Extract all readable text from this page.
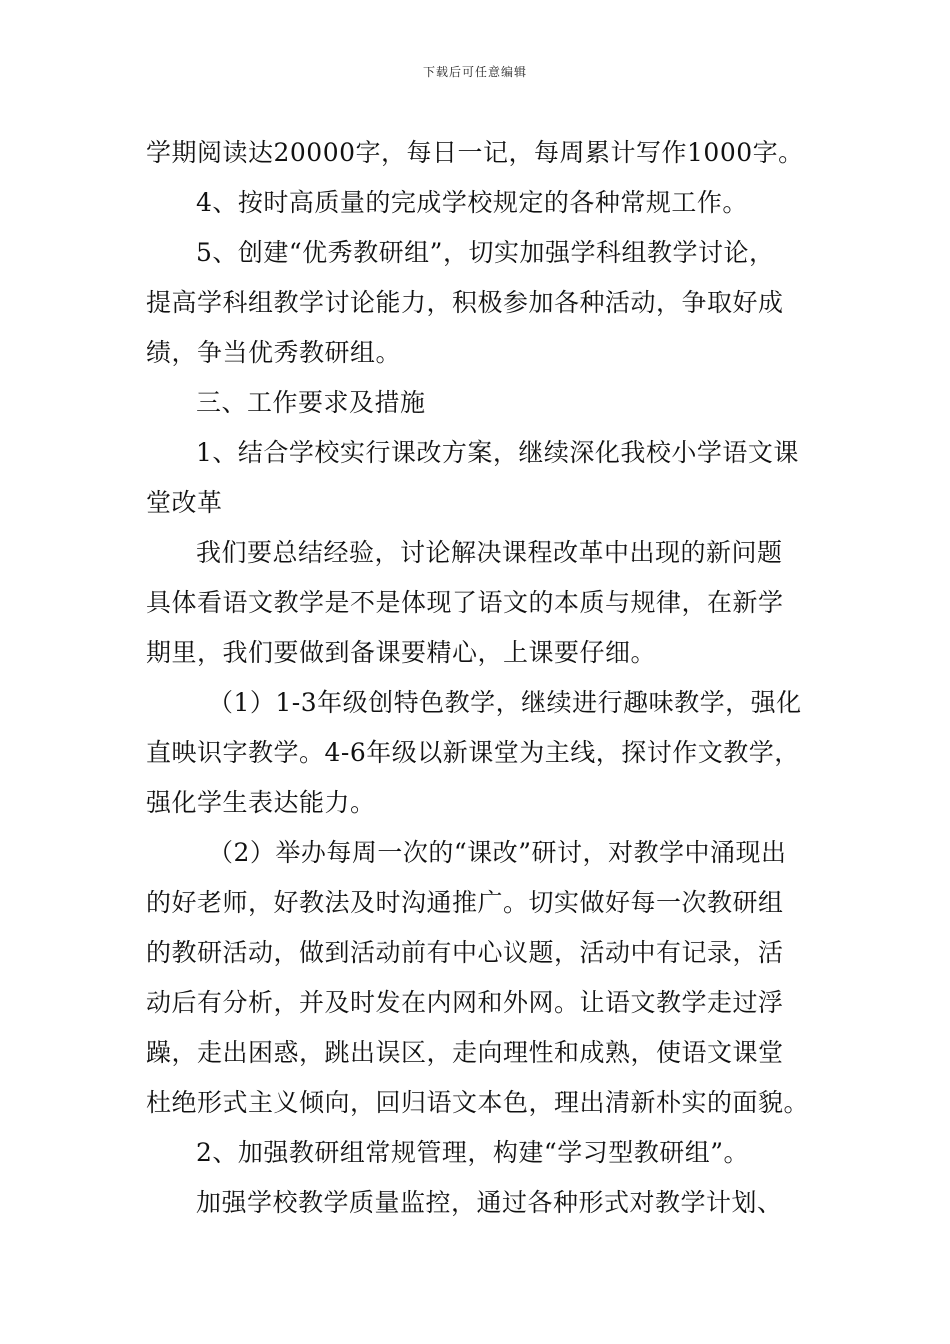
下载后可任意编辑
学期阅读达20000字，每日一记，每周累计写作1000字。
4、按时高质量的完成学校规定的各种常规工作。
5、创建“优秀教研组”，切实加强学科组教学讨论，
提高学科组教学讨论能力，积极参加各种活动，争取好成
绩，争当优秀教研组。
三、工作要求及措施
1、结合学校实行课改方案，继续深化我校小学语文课
堂改革
我们要总结经验，讨论解决课程改革中出现的新问题
具体看语文教学是不是体现了语文的本质与规律，在新学
期里，我们要做到备课要精心，上课要仔细。
（1）1-3年级创特色教学，继续进行趣味教学，强化
直映识字教学。4-6年级以新课堂为主线，探讨作文教学，
强化学生表达能力。
（2）举办每周一次的“课改”研讨，对教学中涌现出
的好老师，好教法及时沟通推广。切实做好每一次教研组
的教研活动，做到活动前有中心议题，活动中有记录，活
动后有分析，并及时发在内网和外网。让语文教学走过浮
躁，走出困惑，跳出误区，走向理性和成熟，使语文课堂
杜绝形式主义倾向，回归语文本色，理出清新朴实的面貌。
2、加强教研组常规管理，构建“学习型教研组”。
加强学校教学质量监控，通过各种形式对教学计划、
